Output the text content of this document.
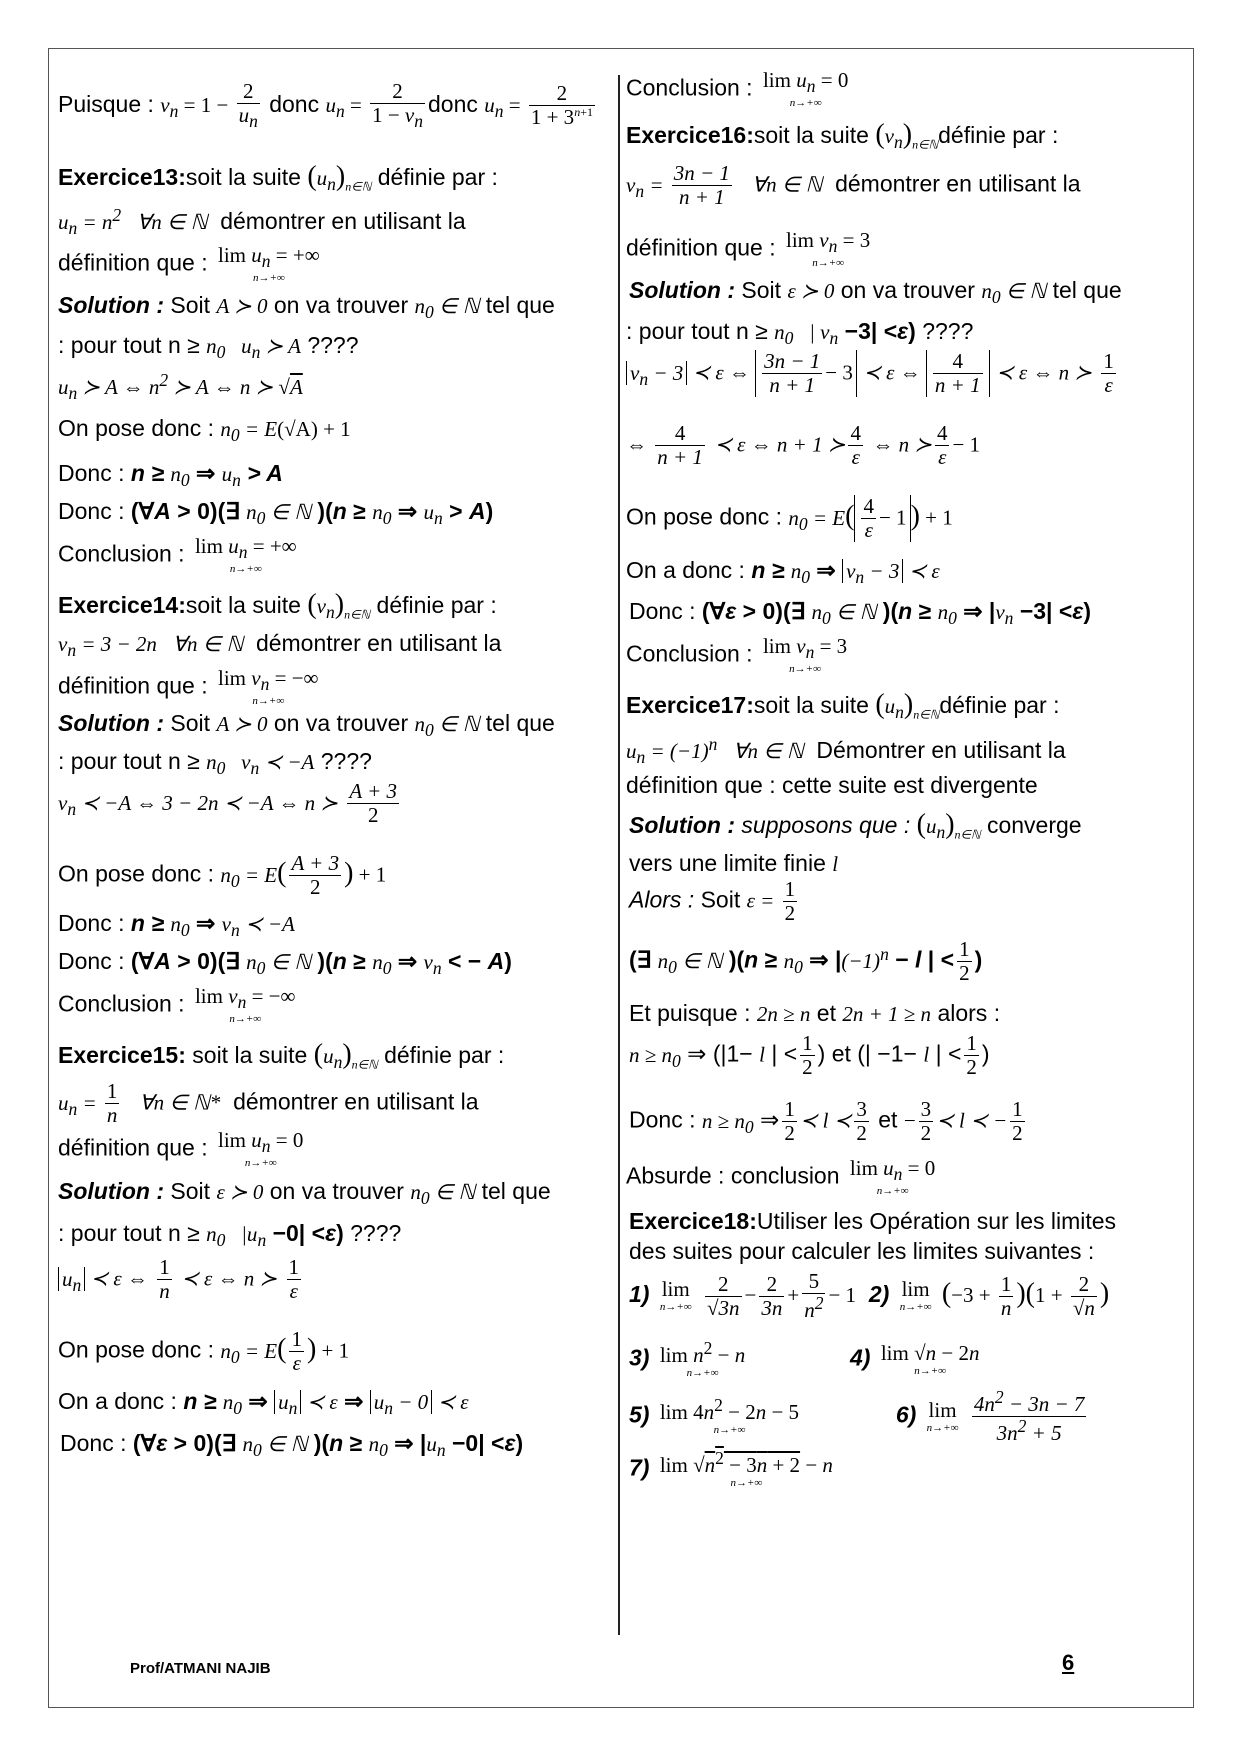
Puisque : $v_n = 1 - \frac{2}{u_n}$ donc $u_n = \frac{2}{1 - v_n}$ donc $u_n = \frac{2}{1 + 3^{n+1}}$
Exercice13:soit la suite $(u_n)_{n\in ℕ}$ définie par :
$u_n = n^2$   ∀n ∈ ℕ démontrer en utilisant la
définition que : $\lim u_n$ = +∞
n→+∞
Solution : Soit A ≻ 0 on va trouver $n_0$ ∈ ℕ tel que
: pour tout $n \ge n_0$   $u_n$ ≻ A ????
$u_n$ ≻ A ⇔ $n^2$ ≻ A ⇔ n ≻ √A
On pose donc : $n_0 = E(√A) + 1$
Donc : $n \ge n_0$ ⇒ $u_n > A$
Donc : (∀A > 0)(∃ $n_0$ ∈ ℕ )($n \ge n_0$ ⇒ $u_n > A$)
Conclusion : $\lim u_n$ = +∞
n→+∞
Exercice14:soit la suite $(v_n)_{n\in ℕ}$ définie par :
$v_n = 3 - 2n$   ∀n ∈ ℕ démontrer en utilisant la
définition que : $\lim v_n$ = −∞
n→+∞
Solution : Soit A ≻ 0 on va trouver $n_0$ ∈ ℕ tel que
: pour tout $n \ge n_0$   $v_n$ ≺ −A ????
$v_n$ ≺ −A ⇔ 3 − 2n ≺ −A ⇔ n ≻ $\frac{A + 3}{2}$
On pose donc : $n_0 = E( \frac{A + 3}{2}$ ) + 1
Donc : $n \ge n_0$ ⇒ $v_n$ ≺ −A
Donc : (∀A > 0)(∃ $n_0$ ∈ ℕ )($n \ge n_0$ ⇒ $v_n$ < − A)
Conclusion : $\lim v_n$ = −∞
n→+∞
Exercice15: soit la suite $(u_n)_{n\in ℕ}$ définie par :
$u_n = \frac{1}{n}$ ∀n ∈ ℕ* démontrer en utilisant la
définition que : $\lim u_n = 0$
n→+∞
Solution : Soit ε ≻ 0 on va trouver $n_0$ ∈ ℕ tel que
: pour tout $n \ge n_0$   $|u_n -0| <\varepsilon$) ????
$u_n$ ≺ ε ⇔ $\frac{1}{n}$ ≺ ε ⇔ n ≻ $\frac{1}{\varepsilon}$
On pose donc : $n_0 = E( \frac{1}{\varepsilon}$ ) + 1
On a donc : $n \ge n_0$ ⇒ $u_n$ ≺ ε ⇒ $u_n - 0$ ≺ ε
Donc : (∀ε > 0)(∃ $n_0$ ∈ ℕ )($n \ge n_0$ ⇒ $|u_n -0| <\varepsilon$)
Conclusion : $\lim u_n = 0$
n→+∞
Exercice16:soit la suite $(v_n)_{n\in ℕ}définie$ par :
$v_n = \frac{3n - 1}{n + 1}$ ∀n ∈ ℕ démontrer en utilisant la
définition que : $\lim v_n = 3$
n→+∞
Solution : Soit ε ≻ 0 on va trouver $n_0$ ∈ ℕ tel que
: pour tout $n \ge n_0$   | $v_n -3| <\varepsilon$) ????
$v_n - 3$ ≺ ε ⇔ $\frac{3n - 1}{n + 1} - 3$ ≺ ε ⇔ $\frac{4}{n + 1}$ ≺ ε ⇔ n ≻ $\frac{1}{\varepsilon}$
⇔ $\frac{4}{n + 1}$ ≺ ε ⇔ n + 1 ≻ $\frac{4}{\varepsilon}$ ⇔ n ≻ $\frac{4}{\varepsilon} - 1$
On pose donc : $n_0 = E( \frac{4}{\varepsilon} - 1$ ) + 1
On a donc : $n \ge n_0$ ⇒ $v_n - 3$ ≺ ε
Donc : (∀ε > 0)(∃ $n_0$ ∈ ℕ )($n \ge n_0$ ⇒ $|v_n -3| <\varepsilon$)
Conclusion : $\lim v_n = 3$
n→+∞
Exercice17:soit la suite $(u_n)_{n\in ℕ}définie$ par :
$u_n = (-1)^n$   ∀n ∈ ℕ Démontrer en utilisant la
définition que : cette suite est divergente
Solution : supposons que : $(u_n)_{n\in ℕ}$ converge
vers une limite finie l
Alors : Soit $\varepsilon = \frac{1}{2}$
(∃ $n_0$ ∈ ℕ )($n \ge n_0$ ⇒ $|(-1)^n - l$ | < $\frac{1}{2}$ )
Et puisque : 2n ≥ n et 2n + 1 ≥ n alors :
$n \ge n_0$ ⇒ (|1− l | < $\frac{1}{2}$ ) et (| −1− l | < $\frac{1}{2}$ )
Donc : $n \ge n_0$ ⇒ $\frac{1}{2}$ ≺ l ≺ $\frac{3}{2}$ et − $\frac{3}{2}$ ≺ l ≺ − $\frac{1}{2}$
Absurde : conclusion $\lim u_n = 0$
n→+∞
Exercice18:Utiliser les Opération sur les limites
des suites pour calculer les limites suivantes :
1) lim
n→+∞
$\frac{2}{√3n} - \frac{2}{3n} + \frac{5}{n^2} - 1$ 2) lim
n→+∞ $(-3 + \frac{1}{n} )(1 + \frac{2}{√n}$ )
3) $\lim n^2 - n$
n→+∞
4) lim √n − 2n
n→+∞
5) $\lim 4n^2 - 2n - 5$
n→+∞
6) lim
n→+∞
$\frac{4n^2 - 3n - 7}{3n^2 + 5}$
7) $\lim √n^2 - 3n + 2 - n$
n→+∞
Prof/ATMANI NAJIB	6
